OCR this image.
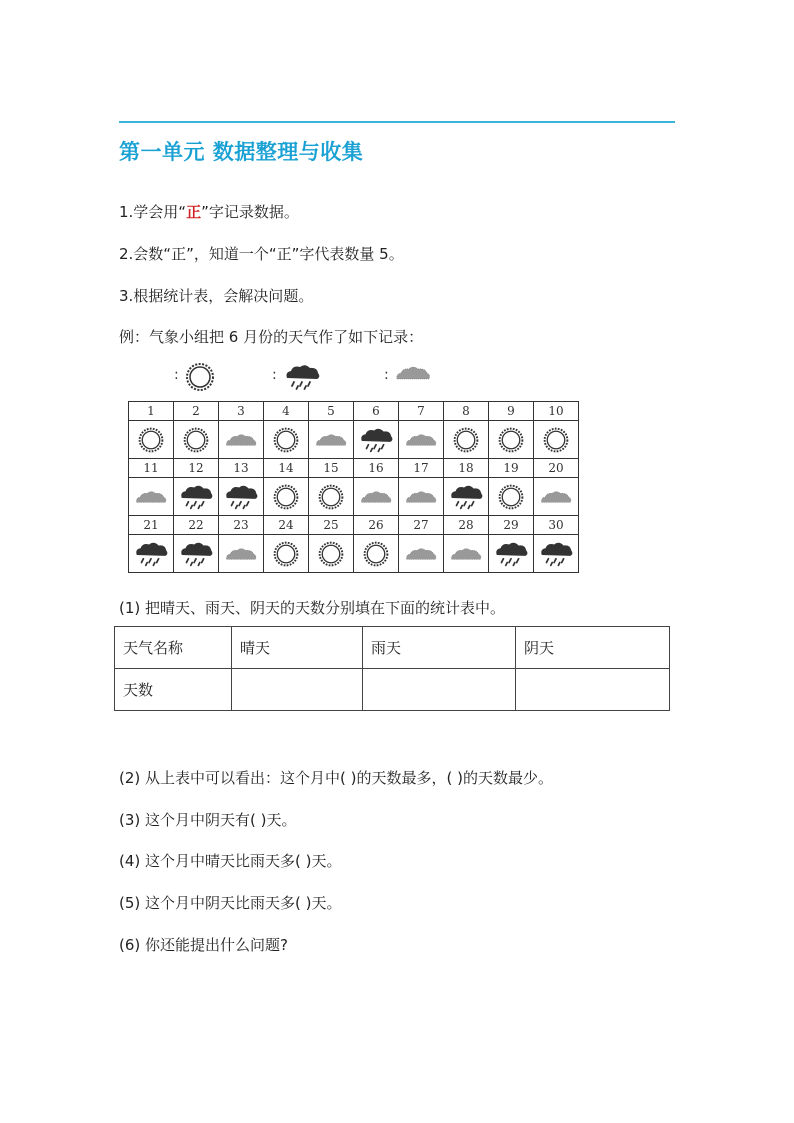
第一单元 数据整理与收集
1.学会用“正”字记录数据。
2.会数“正”，知道一个“正”字代表数量 5。
3.根据统计表，会解决问题。
例：气象小组把 6 月份的天气作了如下记录：
:	:	:
1	2	3	4	5	6	7	8	9	10

11	12	13	14	15	16	17	18	19	20

21	22	23	24	25	26	27	28	29	30

(1) 把晴天、雨天、阴天的天数分别填在下面的统计表中。
天气名称	晴天	雨天	阴天
天数			
(2) 从上表中可以看出：这个月中( )的天数最多，( )的天数最少。
(3) 这个月中阴天有( )天。
(4) 这个月中晴天比雨天多( )天。
(5) 这个月中阴天比雨天多( )天。
(6) 你还能提出什么问题?
